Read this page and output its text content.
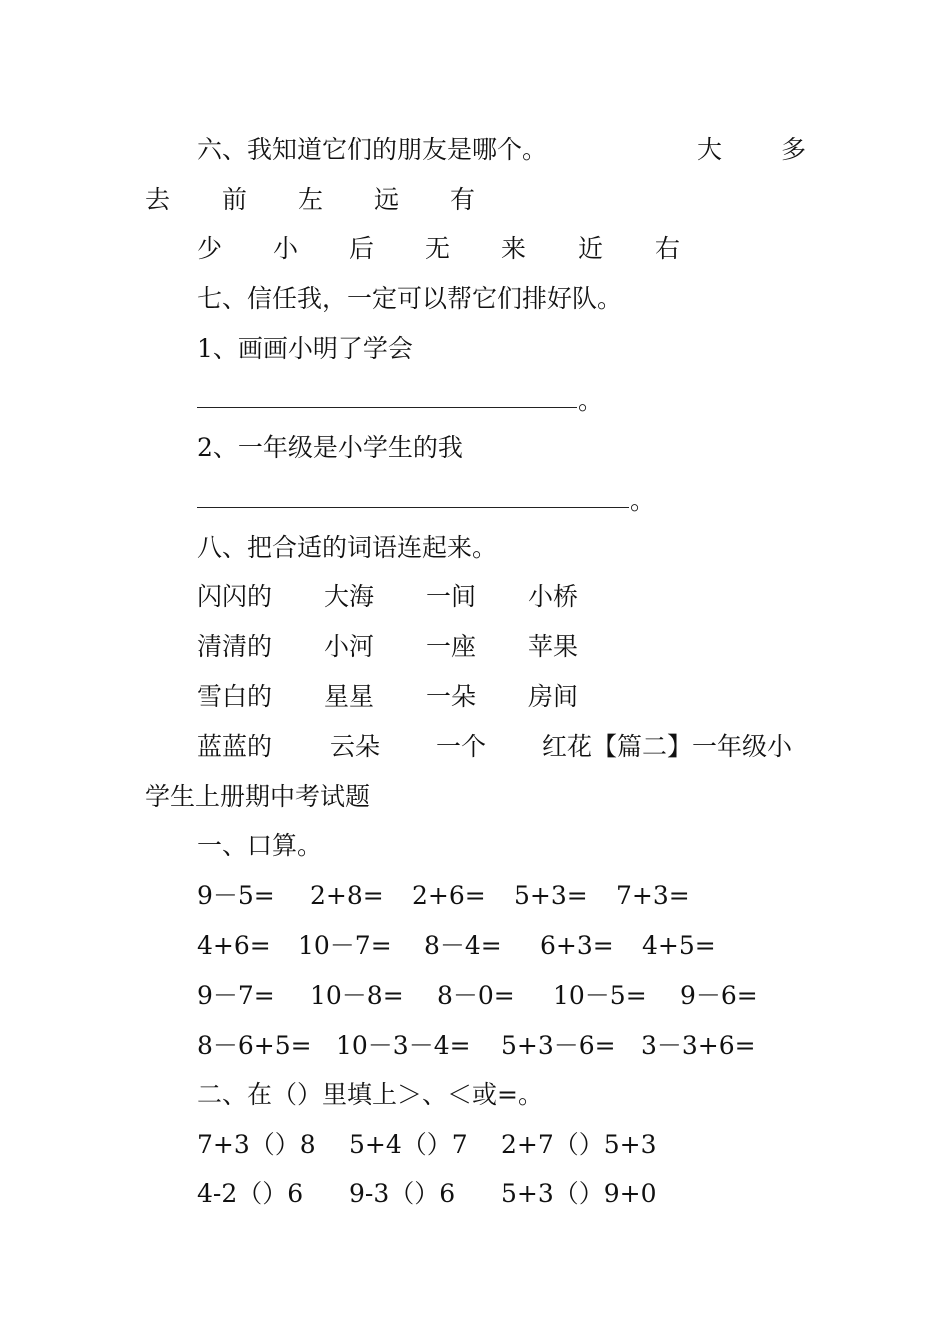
六、我知道它们的朋友是哪个。	大 多
去 前 左 远 有
少 小 后 无 来 近 右
七、信任我，一定可以帮它们排好队。
1、画画小明了学会
。
2、一年级是小学生的我
。
八、把合适的词语连起来。
闪闪的 大海 一间 小桥
清清的 小河 一座 苹果
雪白的 星星 一朵 房间
蓝蓝的 云朵 一个 红花【篇二】一年级小
学生上册期中考试题
一、口算。
9－5= 2+8= 2+6= 5+3= 7+3=
4+6= 10－7= 8－4= 6+3= 4+5=
9－7= 10－8= 8－0= 10－5= 9－6=
8－6+5= 10－3－4= 5+3－6= 3－3+6=
二、在（）里填上＞、＜或=。
7+3（）8 5+4（）7 2+7（）5+3
4-2（）6 9-3（）6 5+3（）9+0
